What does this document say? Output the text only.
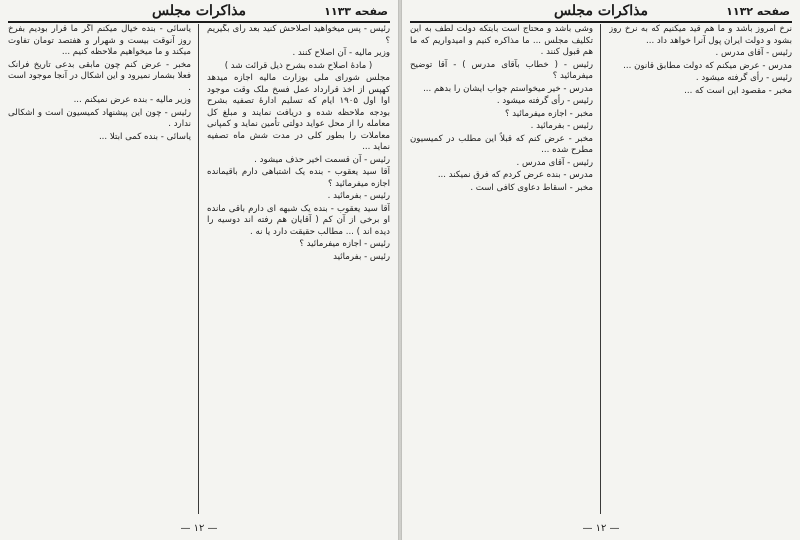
صفحه ۱۱۳۳
مذاکرات مجلس

رئیس - پس میخواهید اصلاحش کنید بعد رأی بگیریم ؟

وزیر مالیه - آن اصلاح کنند .

( مادهٔ اصلاح شده بشرح ذیل قرائت شد )

مجلس شورای ملی بوزارت مالیه اجازه میدهد کهپس از اخذ قرارداد عمل فسخ ملک وقت موجود اوا اول ۱۹۰۵ ایام که تسلیم ادارهٔ تصفیه بشرح بودجه ملاحظه شده و دریافت نمایند و مبلغ کل معامله را از محل عواید دولتی تأمین نماید و کمپانی معاملات را بطور کلی در مدت شش ماه تصفیه نماید ...

رئیس - آن قسمت اخیر حذف میشود .

آقا سید یعقوب - بنده یک اشتباهی دارم باقیمانده اجازه میفرمائید ؟

رئیس - بفرمائید .

آقا سید یعقوب - بنده یک شبهه ای دارم باقی مانده او برخی از آن کم ( آقایان هم رفته اند دوسیه را دیده اند ) ... مطالب حقیقت دارد یا نه .

رئیس - اجازه میفرمائید ؟

رئیس - بفرمائید

یاسائی - بنده خیال میکنم اگر ما قرار بودیم بفرخ روز آنوقت بیست و شهرار و هفتصد تومان تفاوت میکند و ما میخواهیم ملاحظه کنیم ...

مخبر - عرض کنم چون مابقی بدعی تاریخ فرانک فعلا بشمار نمیرود و این اشکال در آنجا موجود است .

وزیر مالیه - بنده عرض نمیکنم ...

رئیس - چون این پیشنهاد کمیسیون است و اشکالی ندارد .

یاسائی - بنده کمی ابتلا ...

— ۱۲ —
صفحه ۱۱۳۲
مذاکرات مجلس

نرخ امروز باشد و ما هم قید میکنیم که به نرخ روز بشود و دولت ایران پول آنرا خواهد داد ...

رئیس - آقای مدرس .

مدرس - عرض میکنم که دولت مطابق قانون ...

رئیس - رأی گرفته میشود .

مخبر - مقصود این است که ...

وشی باشد و محتاج است بابتکه دولت لطف به این تکلیف مجلس ... ما مذاکره کنیم و امیدواریم که ما هم قبول کنند .

رئیس - ( خطاب بآقای مدرس ) - آقا توضیح میفرمائید ؟

مدرس - خیر میخواستم جواب ایشان را بدهم ...

رئیس - رأی گرفته میشود .

مخبر - اجازه میفرمائید ؟

رئیس - بفرمائید .

مخبر - عرض کنم که قبلاً این مطلب در کمیسیون مطرح شده ...

رئیس - آقای مدرس .

مدرس - بنده عرض کردم که فرق نمیکند ...

مخبر - اسقاط دعاوی کافی است .

— ۱۲ —
